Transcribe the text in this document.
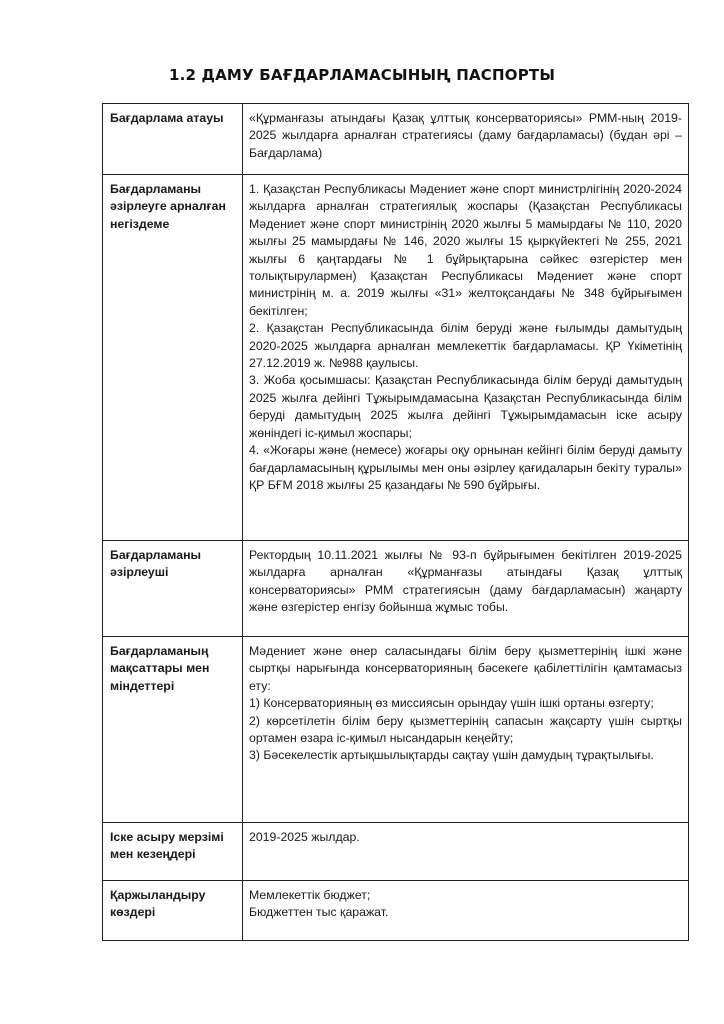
1.2 ДАМУ БАҒДАРЛАМАСЫНЫҢ ПАСПОРТЫ
Бағдарлама атауы	«Құрманғазы атындағы Қазақ ұлттық консерваториясы» РММ-ның 2019-2025 жылдарға арналған стратегиясы (даму бағдарламасы) (бұдан әрі – Бағдарлама)

Бағдарламаны әзірлеуге арналған негіздеме	1. Қазақстан Республикасы Мәдениет және спорт министрлігінің 2020-2024 жылдарға арналған стратегиялық жоспары (Қазақстан Республикасы Мәдениет және спорт министрінің 2020 жылғы 5 мамырдағы № 110, 2020 жылғы 25 мамырдағы № 146, 2020 жылғы 15 қыркүйектегі № 255, 2021 жылғы 6 қаңтардағы № 1 бұйрықтарына сәйкес өзгерістер мен толықтырулармен) Қазақстан Республикасы Мәдениет және спорт министрінің м. а. 2019 жылғы «31» желтоқсандағы № 348 бұйрығымен бекітілген;
2. Қазақстан Республикасында білім беруді және ғылымды дамытудың 2020-2025 жылдарға арналған мемлекеттік бағдарламасы. ҚР Үкіметінің 27.12.2019 ж. №988 қаулысы.
3. Жоба қосымшасы: Қазақстан Республикасында білім беруді дамытудың 2025 жылға дейінгі Тұжырымдамасына Қазақстан Республикасында білім беруді дамытудың 2025 жылға дейінгі Тұжырымдамасын іске асыру жөніндегі іс-қимыл жоспары;
4. «Жоғары және (немесе) жоғары оқу орнынан кейінгі білім беруді дамыту бағдарламасының құрылымы мен оны әзірлеу қағидаларын бекіту туралы» ҚР БҒМ 2018 жылғы 25 қазандағы № 590 бұйрығы.

Бағдарламаны әзірлеуші	Ректордың 10.11.2021 жылғы № 93-п бұйрығымен бекітілген 2019-2025 жылдарға арналған «Құрманғазы атындағы Қазақ ұлттық консерваториясы» РММ стратегиясын (даму бағдарламасын) жаңарту және өзгерістер енгізу бойынша жұмыс тобы.

Бағдарламаның мақсаттары мен міндеттері	Мәдениет және өнер саласындағы білім беру қызметтерінің ішкі және сыртқы нарығында консерваторияның бәсекеге қабілеттілігін қамтамасыз ету:
1) Консерваторияның өз миссиясын орындау үшін ішкі ортаны өзгерту;
2) көрсетілетін білім беру қызметтерінің сапасын жақсарту үшін сыртқы ортамен өзара іс-қимыл нысандарын кеңейту;
3) Бәсекелестік артықшылықтарды сақтау үшін дамудың тұрақтылығы.

Іске асыру мерзімі мен кезеңдері	2019-2025 жылдар.

Қаржыландыру көздері	Мемлекеттік бюджет;
Бюджеттен тыс қаражат.
